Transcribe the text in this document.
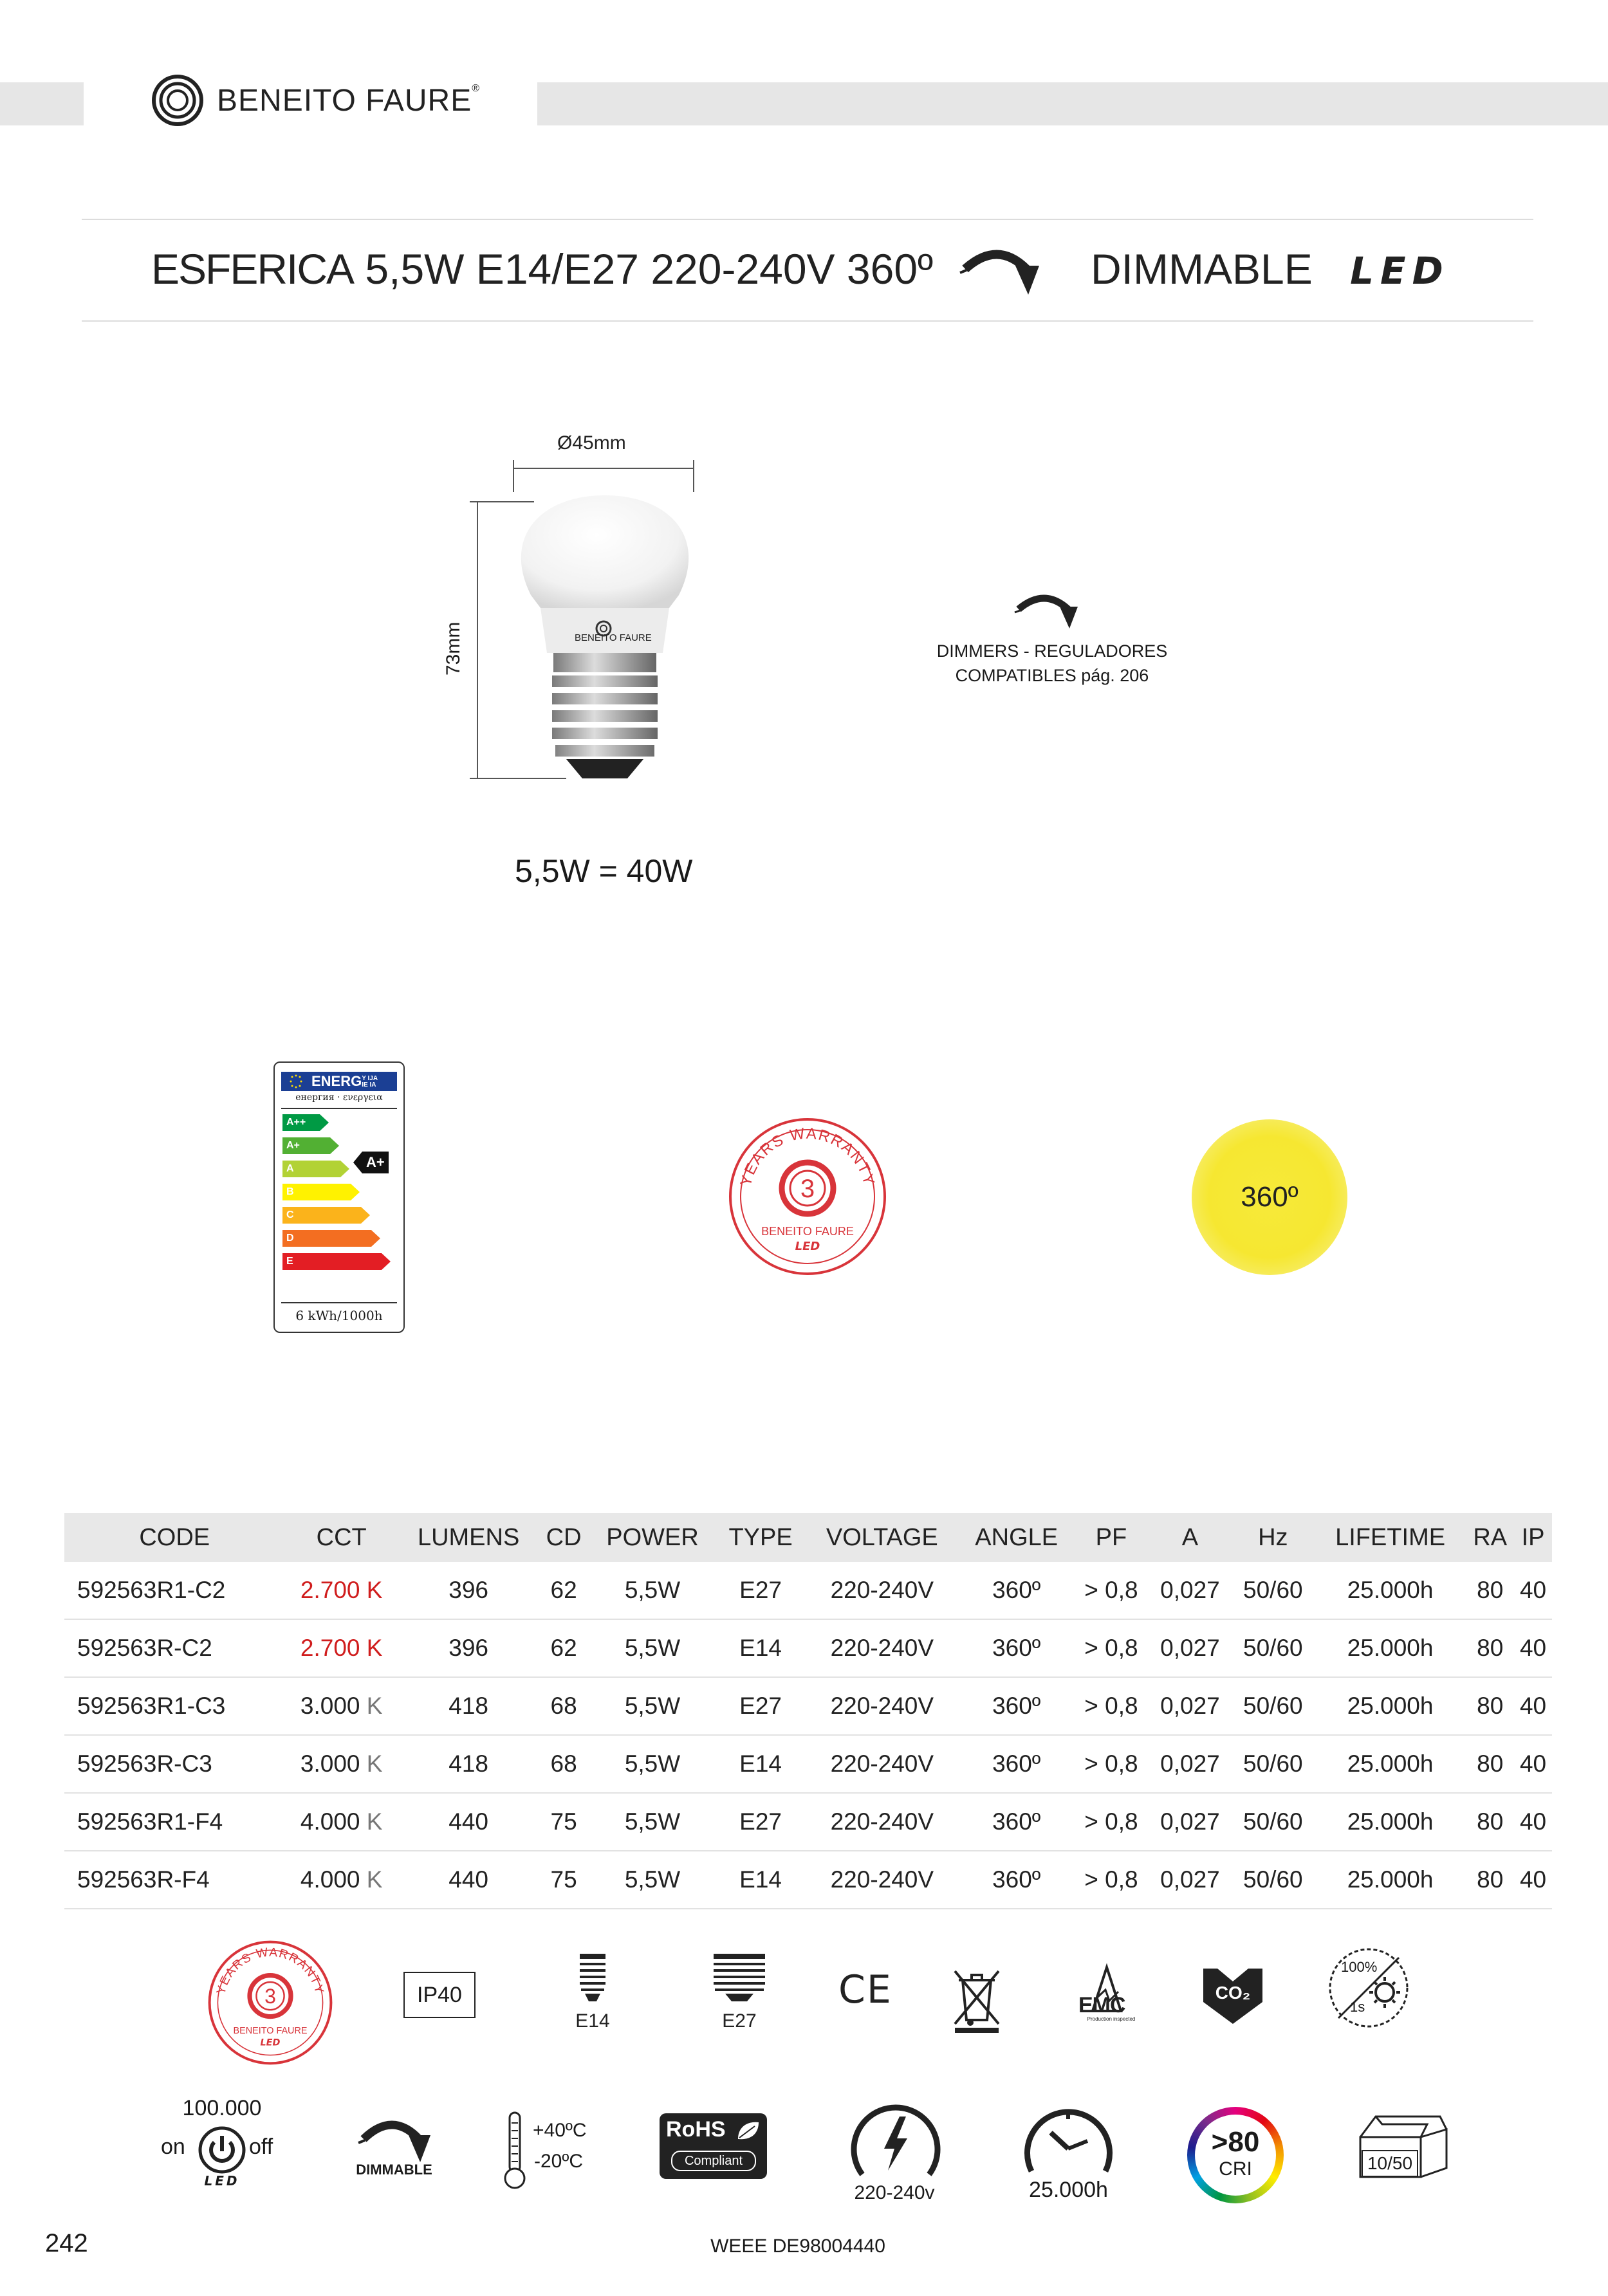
BENEITO FAURE®
ESFERICA 5,5W E14/E27 220-240V 360º	DIMMABLE LED
Ø45mm
BENEITO FAURE
73mm
5,5W = 40W
DIMMERS - REGULADORES
COMPATIBLES pág. 206
ENERGY IJA
IE IA
енергия · ενεργεια
A++
A+
A
B
C
D
E
A+
6 kWh/1000h
YEARS WARRANTY
3
BENEITO FAURE
LED
360º
CODE	CCT	LUMENS	CD	POWER	TYPE	VOLTAGE	ANGLE	PF	A	Hz	LIFETIME	RA	IP
592563R1-C2	2.700 K	396	62	5,5W	E27	220-240V	360º	> 0,8	0,027	50/60	25.000h	80	40
592563R-C2	2.700 K	396	62	5,5W	E14	220-240V	360º	> 0,8	0,027	50/60	25.000h	80	40
592563R1-C3	3.000 K	418	68	5,5W	E27	220-240V	360º	> 0,8	0,027	50/60	25.000h	80	40
592563R-C3	3.000 K	418	68	5,5W	E14	220-240V	360º	> 0,8	0,027	50/60	25.000h	80	40
592563R1-F4	4.000 K	440	75	5,5W	E27	220-240V	360º	> 0,8	0,027	50/60	25.000h	80	40
592563R-F4	4.000 K	440	75	5,5W	E14	220-240V	360º	> 0,8	0,027	50/60	25.000h	80	40
YEARS WARRANTY
3
BENEITO FAURE
LED
IP40
E14	E27
CE	EMC
Production inspected
CO₂
100%
1s
100.000
on	off
LED
DIMMABLE
+40ºC
-20ºC
RoHS
Compliant
220-240v	25.000h
>80
CRI	10/50
242	WEEE DE98004440
